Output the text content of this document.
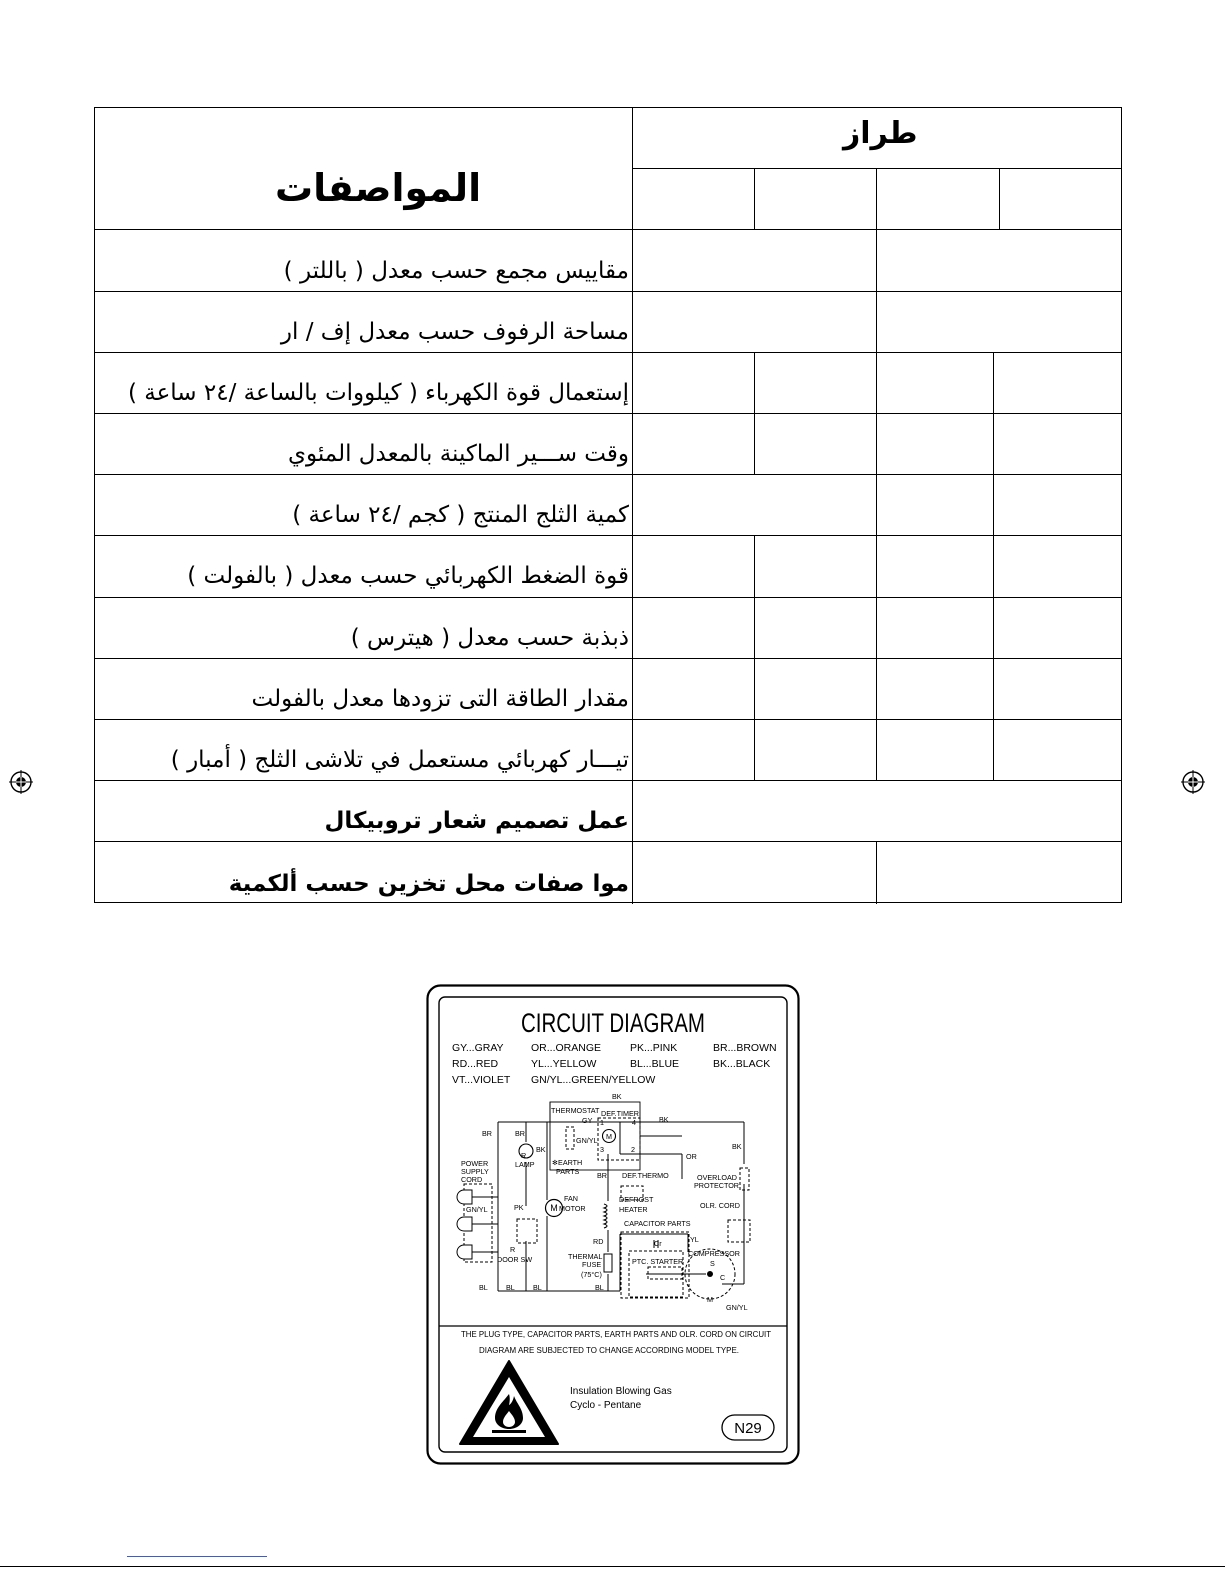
المواصفات
طراز
مقاييس مجمع حسب معدل ( باللتر )
مساحة الرفوف حسب معدل إف / ار
إستعمال قوة الكهرباء ( كيلووات بالساعة /٢٤ ساعة )
وقت ســـير الماكينة بالمعدل المئوي
كمية الثلج المنتج ( كجم /٢٤ ساعة )
قوة الضغط الكهربائي حسب معدل ( بالفولت )
ذبذبة حسب معدل ( هيترس )
مقدار الطاقة التى تزودها معدل بالفولت
تيـــار كهربائي مستعمل في تلاشى الثلج ( أمبار )
عمل تصميم شعار تروبيكال
موا صفات محل تخزين حسب ألكمية
CIRCUIT DIAGRAM
GY...GRAY	OR...ORANGE	PK...PINK	BR...BROWN
RD...RED	YL...YELLOW	BL...BLUE	BK...BLACK
VT...VIOLET GN/YL...GREEN/YELLOW
M
M
BK
THERMOSTAT DEF.TIMER
GY
GN/YL
BK
BR	BR
BK	BK
R
LAMP ✻EARTH
PARTS
POWER
SUPPLY
CORD
GN/YL
BR DEF.THERMO
OR
OVERLOAD
PROTECTOR
FAN
MOTOR
DEFROST
HEATER	OLR. CORD
PK
CAPACITOR PARTS
RD	YL
Cr
R
DOOR SW	THERMAL
FUSE
(75°C)
PTC. STARTER
COMPRESSOR
BL	BL	BL	BL
GN/YL
M
S
C
1
2
3
4
THE PLUG TYPE, CAPACITOR PARTS, EARTH PARTS AND OLR. CORD ON CIRCUIT
DIAGRAM ARE SUBJECTED TO CHANGE ACCORDING MODEL TYPE.
Insulation Blowing Gas
Cyclo - Pentane
N29
